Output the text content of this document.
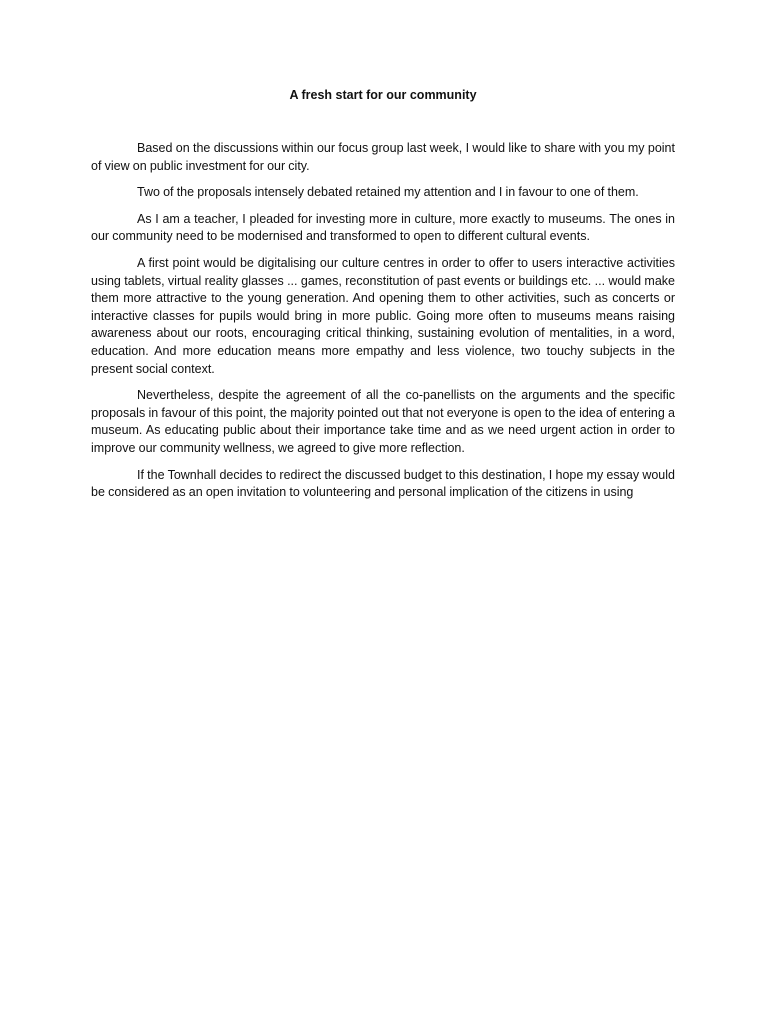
A fresh start for our community

Based on the discussions within our focus group last week, I would like to share with you my point of view on public investment for our city.

Two of the proposals intensely debated retained my attention and I in favour to one of them.

As I am a teacher, I pleaded for investing more in culture, more exactly to museums. The ones in our community need to be modernised and transformed to open to different cultural events.

A first point would be digitalising our culture centres in order to offer to users interactive activities using tablets, virtual reality glasses ... games, reconstitution of past events or buildings etc. ... would make them more attractive to the young generation. And opening them to other activities, such as concerts or interactive classes for pupils would bring in more public. Going more often to museums means raising awareness about our roots, encouraging critical thinking, sustaining evolution of mentalities, in a word, education. And more education means more empathy and less violence, two touchy subjects in the present social context.

Nevertheless, despite the agreement of all the co-panellists on the arguments and the specific proposals in favour of this point, the majority pointed out that not everyone is open to the idea of entering a museum. As educating public about their importance take time and as we need urgent action in order to improve our community wellness, we agreed to give more reflection.

If the Townhall decides to redirect the discussed budget to this destination, I hope my essay would be considered as an open invitation to volunteering and personal implication of the citizens in using
